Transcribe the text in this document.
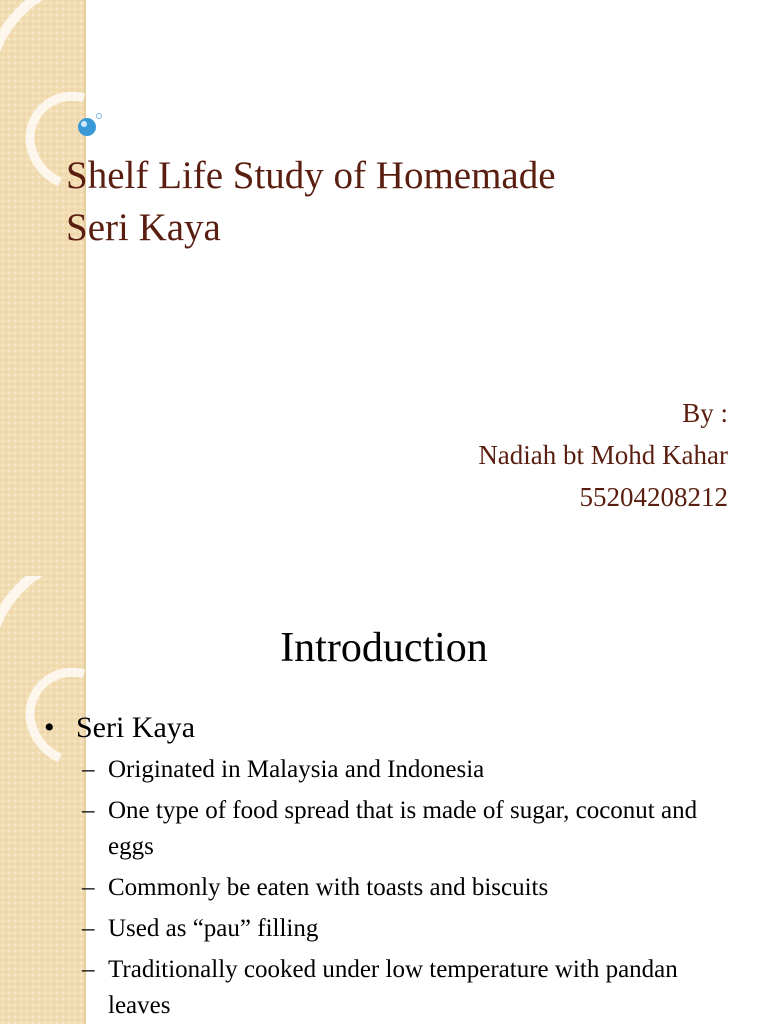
Shelf Life Study of Homemade
Seri Kaya
By :
Nadiah bt Mohd Kahar
55204208212
Introduction
• Seri Kaya
– Originated in Malaysia and Indonesia
– One type of food spread that is made of sugar, coconut and eggs
– Commonly be eaten with toasts and biscuits
– Used as “pau” filling
– Traditionally cooked under low temperature with pandan leaves
